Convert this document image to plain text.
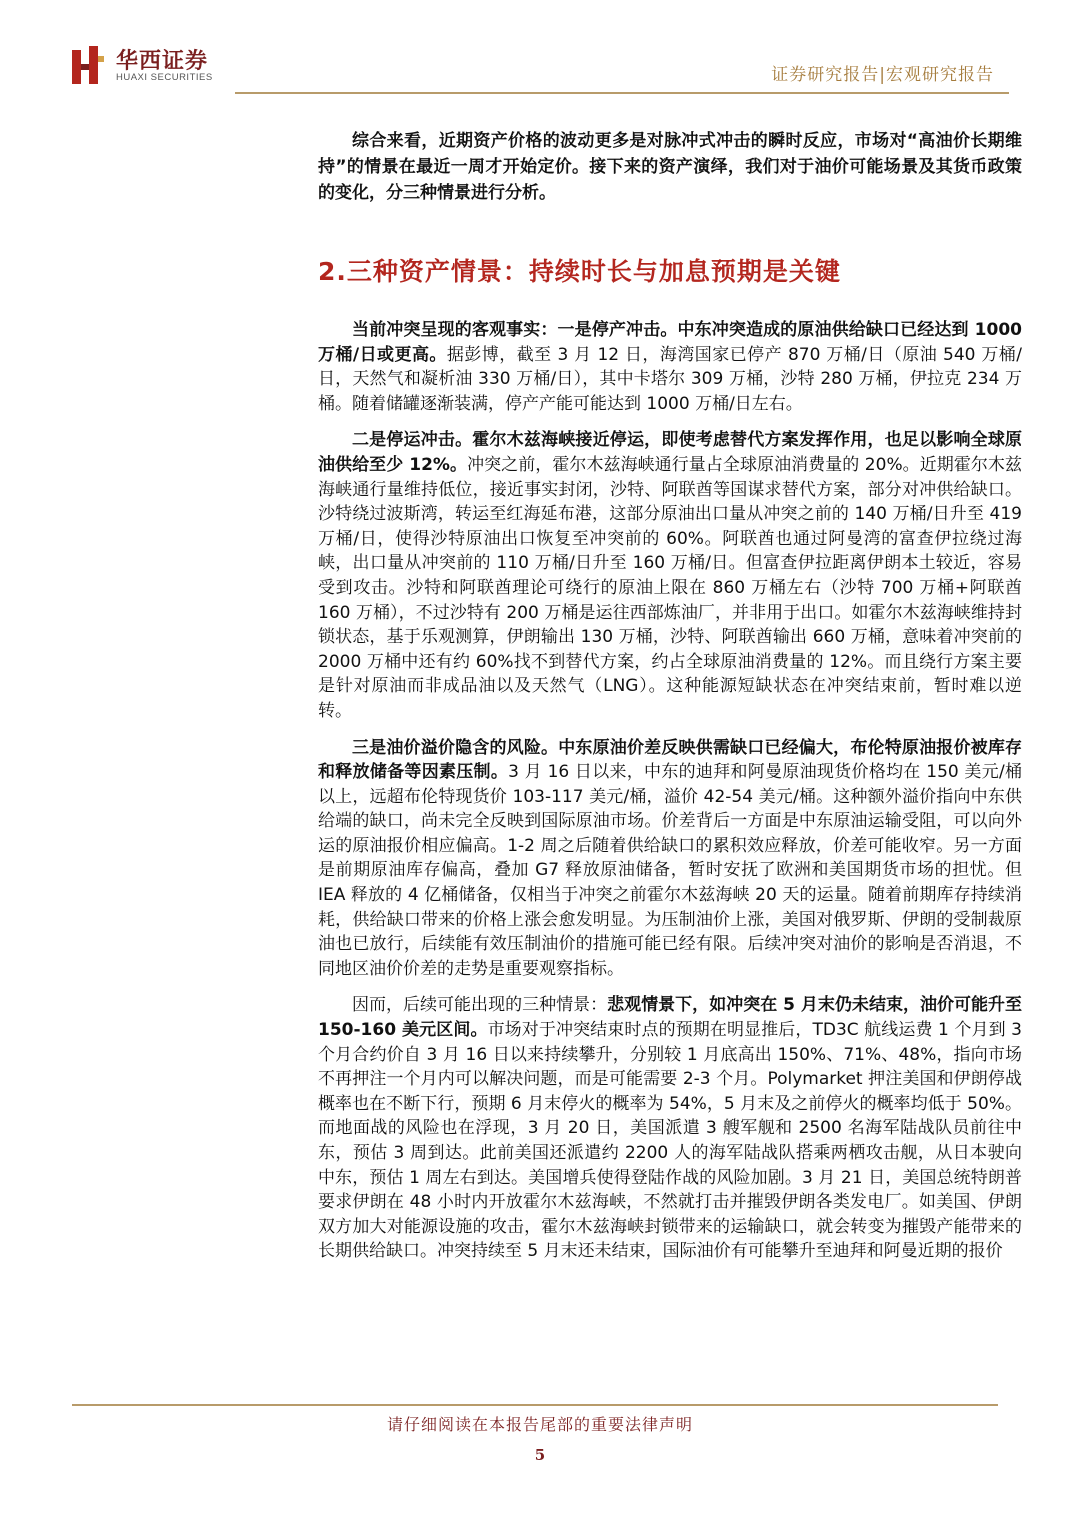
华西证券
HUAXI SECURITIES	证券研究报告|宏观研究报告

综合来看，近期资产价格的波动更多是对脉冲式冲击的瞬时反应，市场对“高油价长期维持”的情景在最近一周才开始定价。接下来的资产演绎，我们对于油价可能场景及其货币政策的变化，分三种情景进行分析。

2.三种资产情景：持续时长与加息预期是关键

当前冲突呈现的客观事实：一是停产冲击。中东冲突造成的原油供给缺口已经达到 1000 万桶/日或更高。据彭博，截至 3 月 12 日，海湾国家已停产 870 万桶/日（原油 540 万桶/日，天然气和凝析油 330 万桶/日），其中卡塔尔 309 万桶，沙特 280 万桶，伊拉克 234 万桶。随着储罐逐渐装满，停产产能可能达到 1000 万桶/日左右。

二是停运冲击。霍尔木兹海峡接近停运，即使考虑替代方案发挥作用，也足以影响全球原油供给至少 12%。冲突之前，霍尔木兹海峡通行量占全球原油消费量的 20%。近期霍尔木兹海峡通行量维持低位，接近事实封闭，沙特、阿联酋等国谋求替代方案，部分对冲供给缺口。沙特绕过波斯湾，转运至红海延布港，这部分原油出口量从冲突之前的 140 万桶/日升至 419 万桶/日，使得沙特原油出口恢复至冲突前的 60%。阿联酋也通过阿曼湾的富查伊拉绕过海峡，出口量从冲突前的 110 万桶/日升至 160 万桶/日。但富查伊拉距离伊朗本土较近，容易受到攻击。沙特和阿联酋理论可绕行的原油上限在 860 万桶左右（沙特 700 万桶+阿联酋 160 万桶），不过沙特有 200 万桶是运往西部炼油厂，并非用于出口。如霍尔木兹海峡维持封锁状态，基于乐观测算，伊朗输出 130 万桶，沙特、阿联酋输出 660 万桶，意味着冲突前的 2000 万桶中还有约 60%找不到替代方案，约占全球原油消费量的 12%。而且绕行方案主要是针对原油而非成品油以及天然气（LNG）。这种能源短缺状态在冲突结束前，暂时难以逆转。

三是油价溢价隐含的风险。中东原油价差反映供需缺口已经偏大，布伦特原油报价被库存和释放储备等因素压制。3 月 16 日以来，中东的迪拜和阿曼原油现货价格均在 150 美元/桶以上，远超布伦特现货价 103-117 美元/桶，溢价 42-54 美元/桶。这种额外溢价指向中东供给端的缺口，尚未完全反映到国际原油市场。价差背后一方面是中东原油运输受阻，可以向外运的原油报价相应偏高。1-2 周之后随着供给缺口的累积效应释放，价差可能收窄。另一方面是前期原油库存偏高，叠加 G7 释放原油储备，暂时安抚了欧洲和美国期货市场的担忧。但 IEA 释放的 4 亿桶储备，仅相当于冲突之前霍尔木兹海峡 20 天的运量。随着前期库存持续消耗，供给缺口带来的价格上涨会愈发明显。为压制油价上涨，美国对俄罗斯、伊朗的受制裁原油也已放行，后续能有效压制油价的措施可能已经有限。后续冲突对油价的影响是否消退，不同地区油价价差的走势是重要观察指标。

因而，后续可能出现的三种情景：悲观情景下，如冲突在 5 月末仍未结束，油价可能升至 150-160 美元区间。市场对于冲突结束时点的预期在明显推后，TD3C 航线运费 1 个月到 3 个月合约价自 3 月 16 日以来持续攀升，分别较 1 月底高出 150%、71%、48%，指向市场不再押注一个月内可以解决问题，而是可能需要 2-3 个月。Polymarket 押注美国和伊朗停战概率也在不断下行，预期 6 月末停火的概率为 54%，5 月末及之前停火的概率均低于 50%。而地面战的风险也在浮现，3 月 20 日，美国派遣 3 艘军舰和 2500 名海军陆战队员前往中东，预估 3 周到达。此前美国还派遣约 2200 人的海军陆战队搭乘两栖攻击舰，从日本驶向中东，预估 1 周左右到达。美国增兵使得登陆作战的风险加剧。3 月 21 日，美国总统特朗普要求伊朗在 48 小时内开放霍尔木兹海峡，不然就打击并摧毁伊朗各类发电厂。如美国、伊朗双方加大对能源设施的攻击，霍尔木兹海峡封锁带来的运输缺口，就会转变为摧毁产能带来的长期供给缺口。冲突持续至 5 月末还未结束，国际油价有可能攀升至迪拜和阿曼近期的报价

请仔细阅读在本报告尾部的重要法律声明
5
